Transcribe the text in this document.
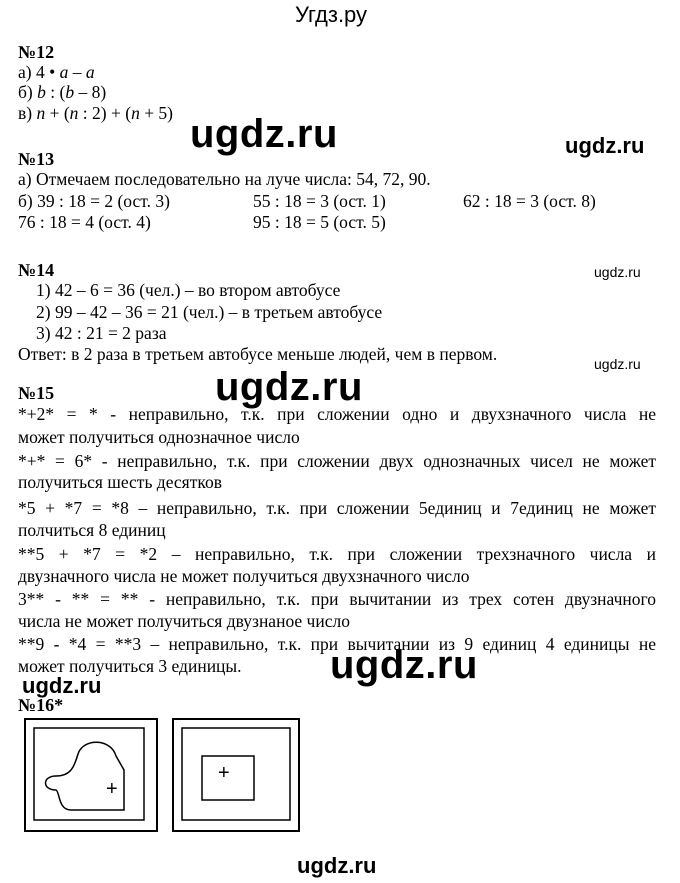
Угдз.ру
№12
а) 4 • a – a
б) b : (b – 8)
в) n + (n : 2) + (n + 5) ugdz.ru	ugdz.ru
№13
а) Отмечаем последовательно на луче числа: 54, 72, 90.
б) 39 : 18 = 2 (ост. 3)	55 : 18 = 3 (ост. 1)	62 : 18 = 3 (ост. 8)
76 : 18 = 4 (ост. 4)	95 : 18 = 5 (ост. 5)
№14	ugdz.ru
1) 42 – 6 = 36 (чел.) – во втором автобусе
2) 99 – 42 – 36 = 21 (чел.) – в третьем автобусе
3) 42 : 21 = 2 раза
Ответ: в 2 раза в третьем автобусе меньше людей, чем в первом.	ugdz.ru
№15	ugdz.ru
*+2* = * - неправильно, т.к. при сложении одно и двухзначного числа не
может получиться однозначное число
*+* = 6* - неправильно, т.к. при сложении двух однозначных чисел не может
получиться шесть десятков
*5 + *7 = *8 – неправильно, т.к. при сложении 5единиц и 7единиц не может
полчиться 8 единиц
**5 + *7 = *2 – неправильно, т.к. при сложении трехзначного числа и
двузначного числа не может получиться двухзначного число
3** - ** = ** - неправильно, т.к. при вычитании из трех сотен двузначного
числа не может получиться двузнаное число
**9 - *4 = **3 – неправильно, т.к. при вычитании из 9 единиц 4 единицы не
может получиться 3 единицы. ugdz.ru
ugdz.ru
№16*
+
+
ugdz.ru
